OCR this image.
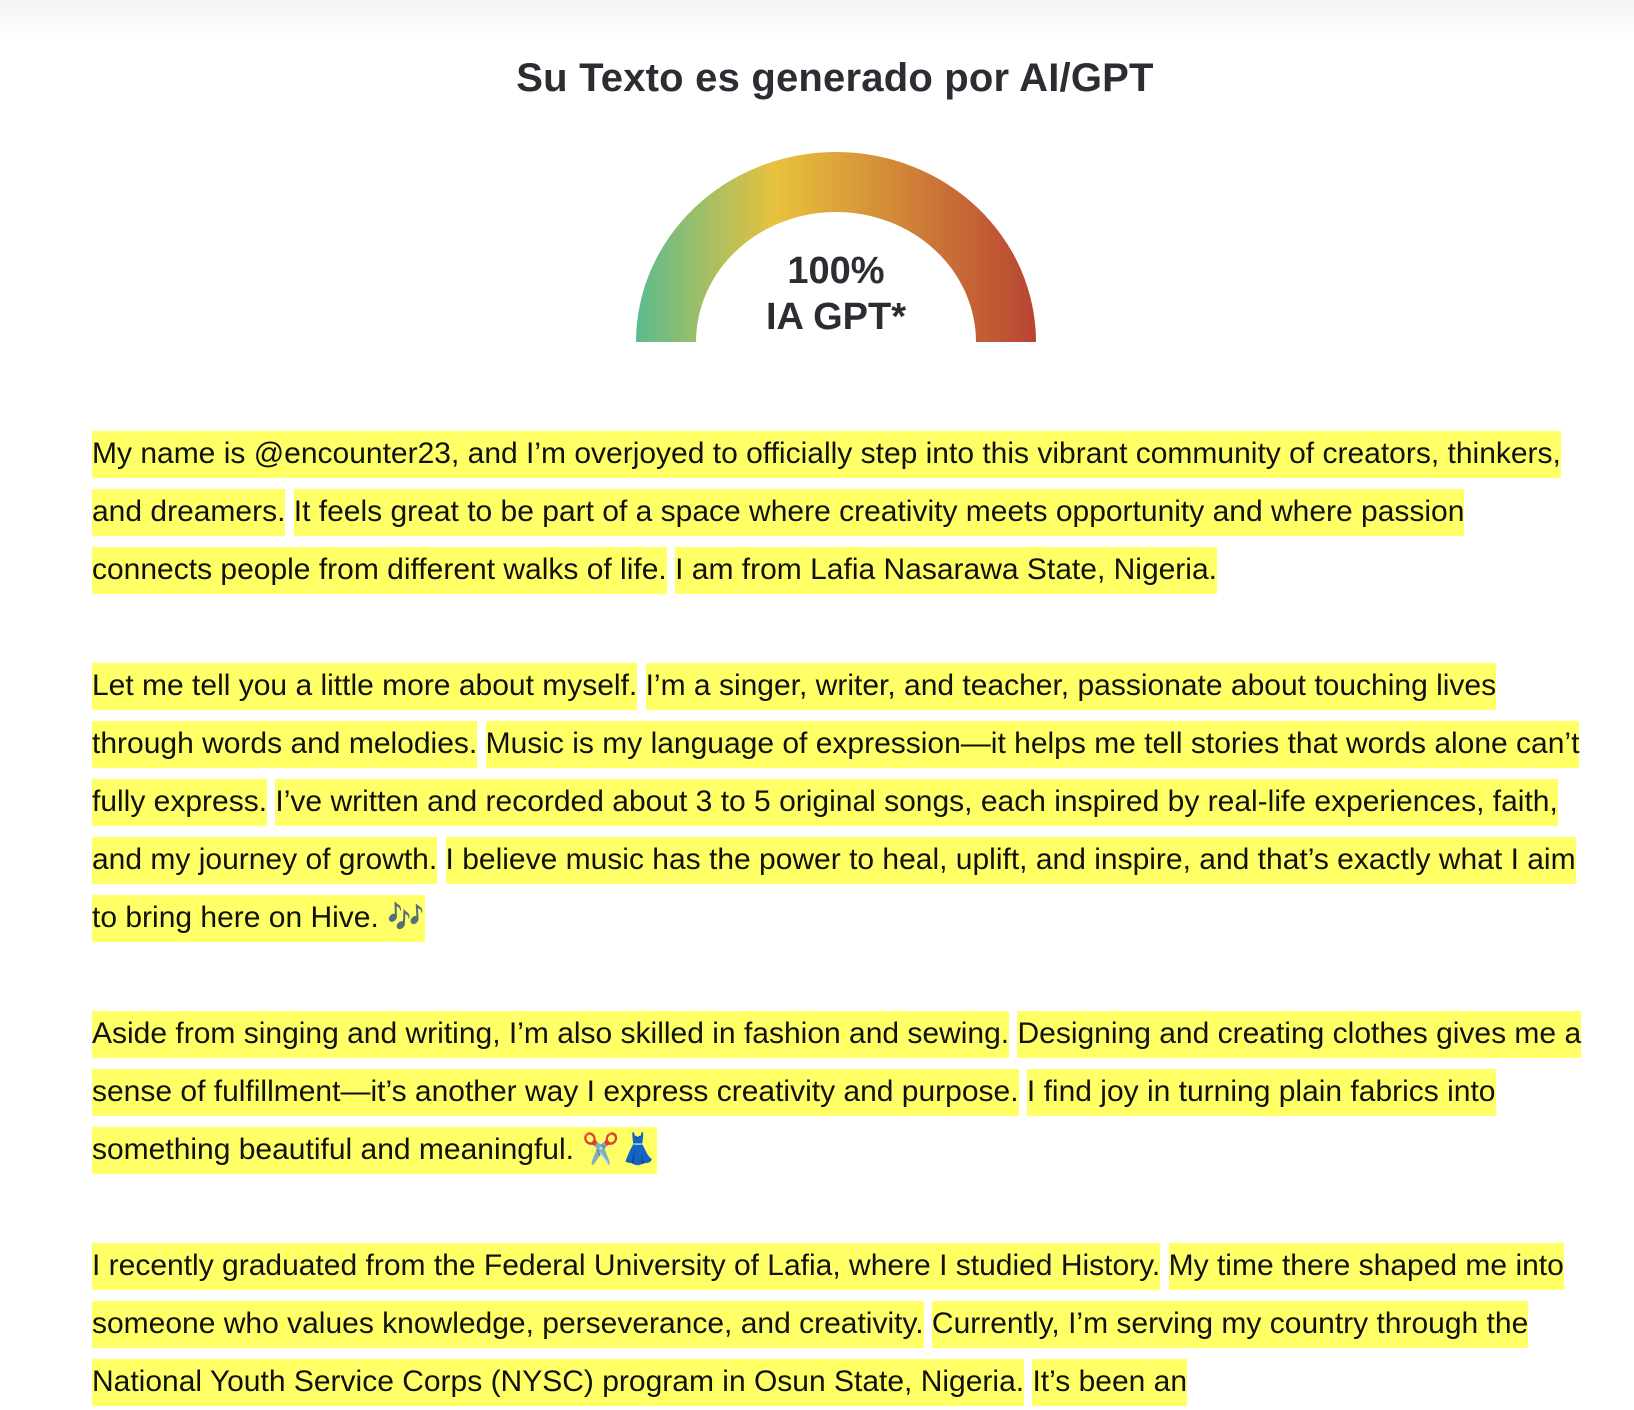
Su Texto es generado por AI/GPT
100%
IA GPT*

My name is @encounter23, and I’m overjoyed to officially step into this vibrant community of creators, thinkers, and dreamers. It feels great to be part of a space where creativity meets opportunity and where passion connects people from different walks of life. I am from Lafia Nasarawa State, Nigeria.

Let me tell you a little more about myself. I’m a singer, writer, and teacher, passionate about touching lives through words and melodies. Music is my language of expression—it helps me tell stories that words alone can’t fully express. I’ve written and recorded about 3 to 5 original songs, each inspired by real-life experiences, faith, and my journey of growth. I believe music has the power to heal, uplift, and inspire, and that’s exactly what I aim to bring here on Hive. 🎶

Aside from singing and writing, I’m also skilled in fashion and sewing. Designing and creating clothes gives me a sense of fulfillment—it’s another way I express creativity and purpose. I find joy in turning plain fabrics into something beautiful and meaningful. ✂️👗

I recently graduated from the Federal University of Lafia, where I studied History. My time there shaped me into someone who values knowledge, perseverance, and creativity. Currently, I’m serving my country through the National Youth Service Corps (NYSC) program in Osun State, Nigeria. It’s been an
